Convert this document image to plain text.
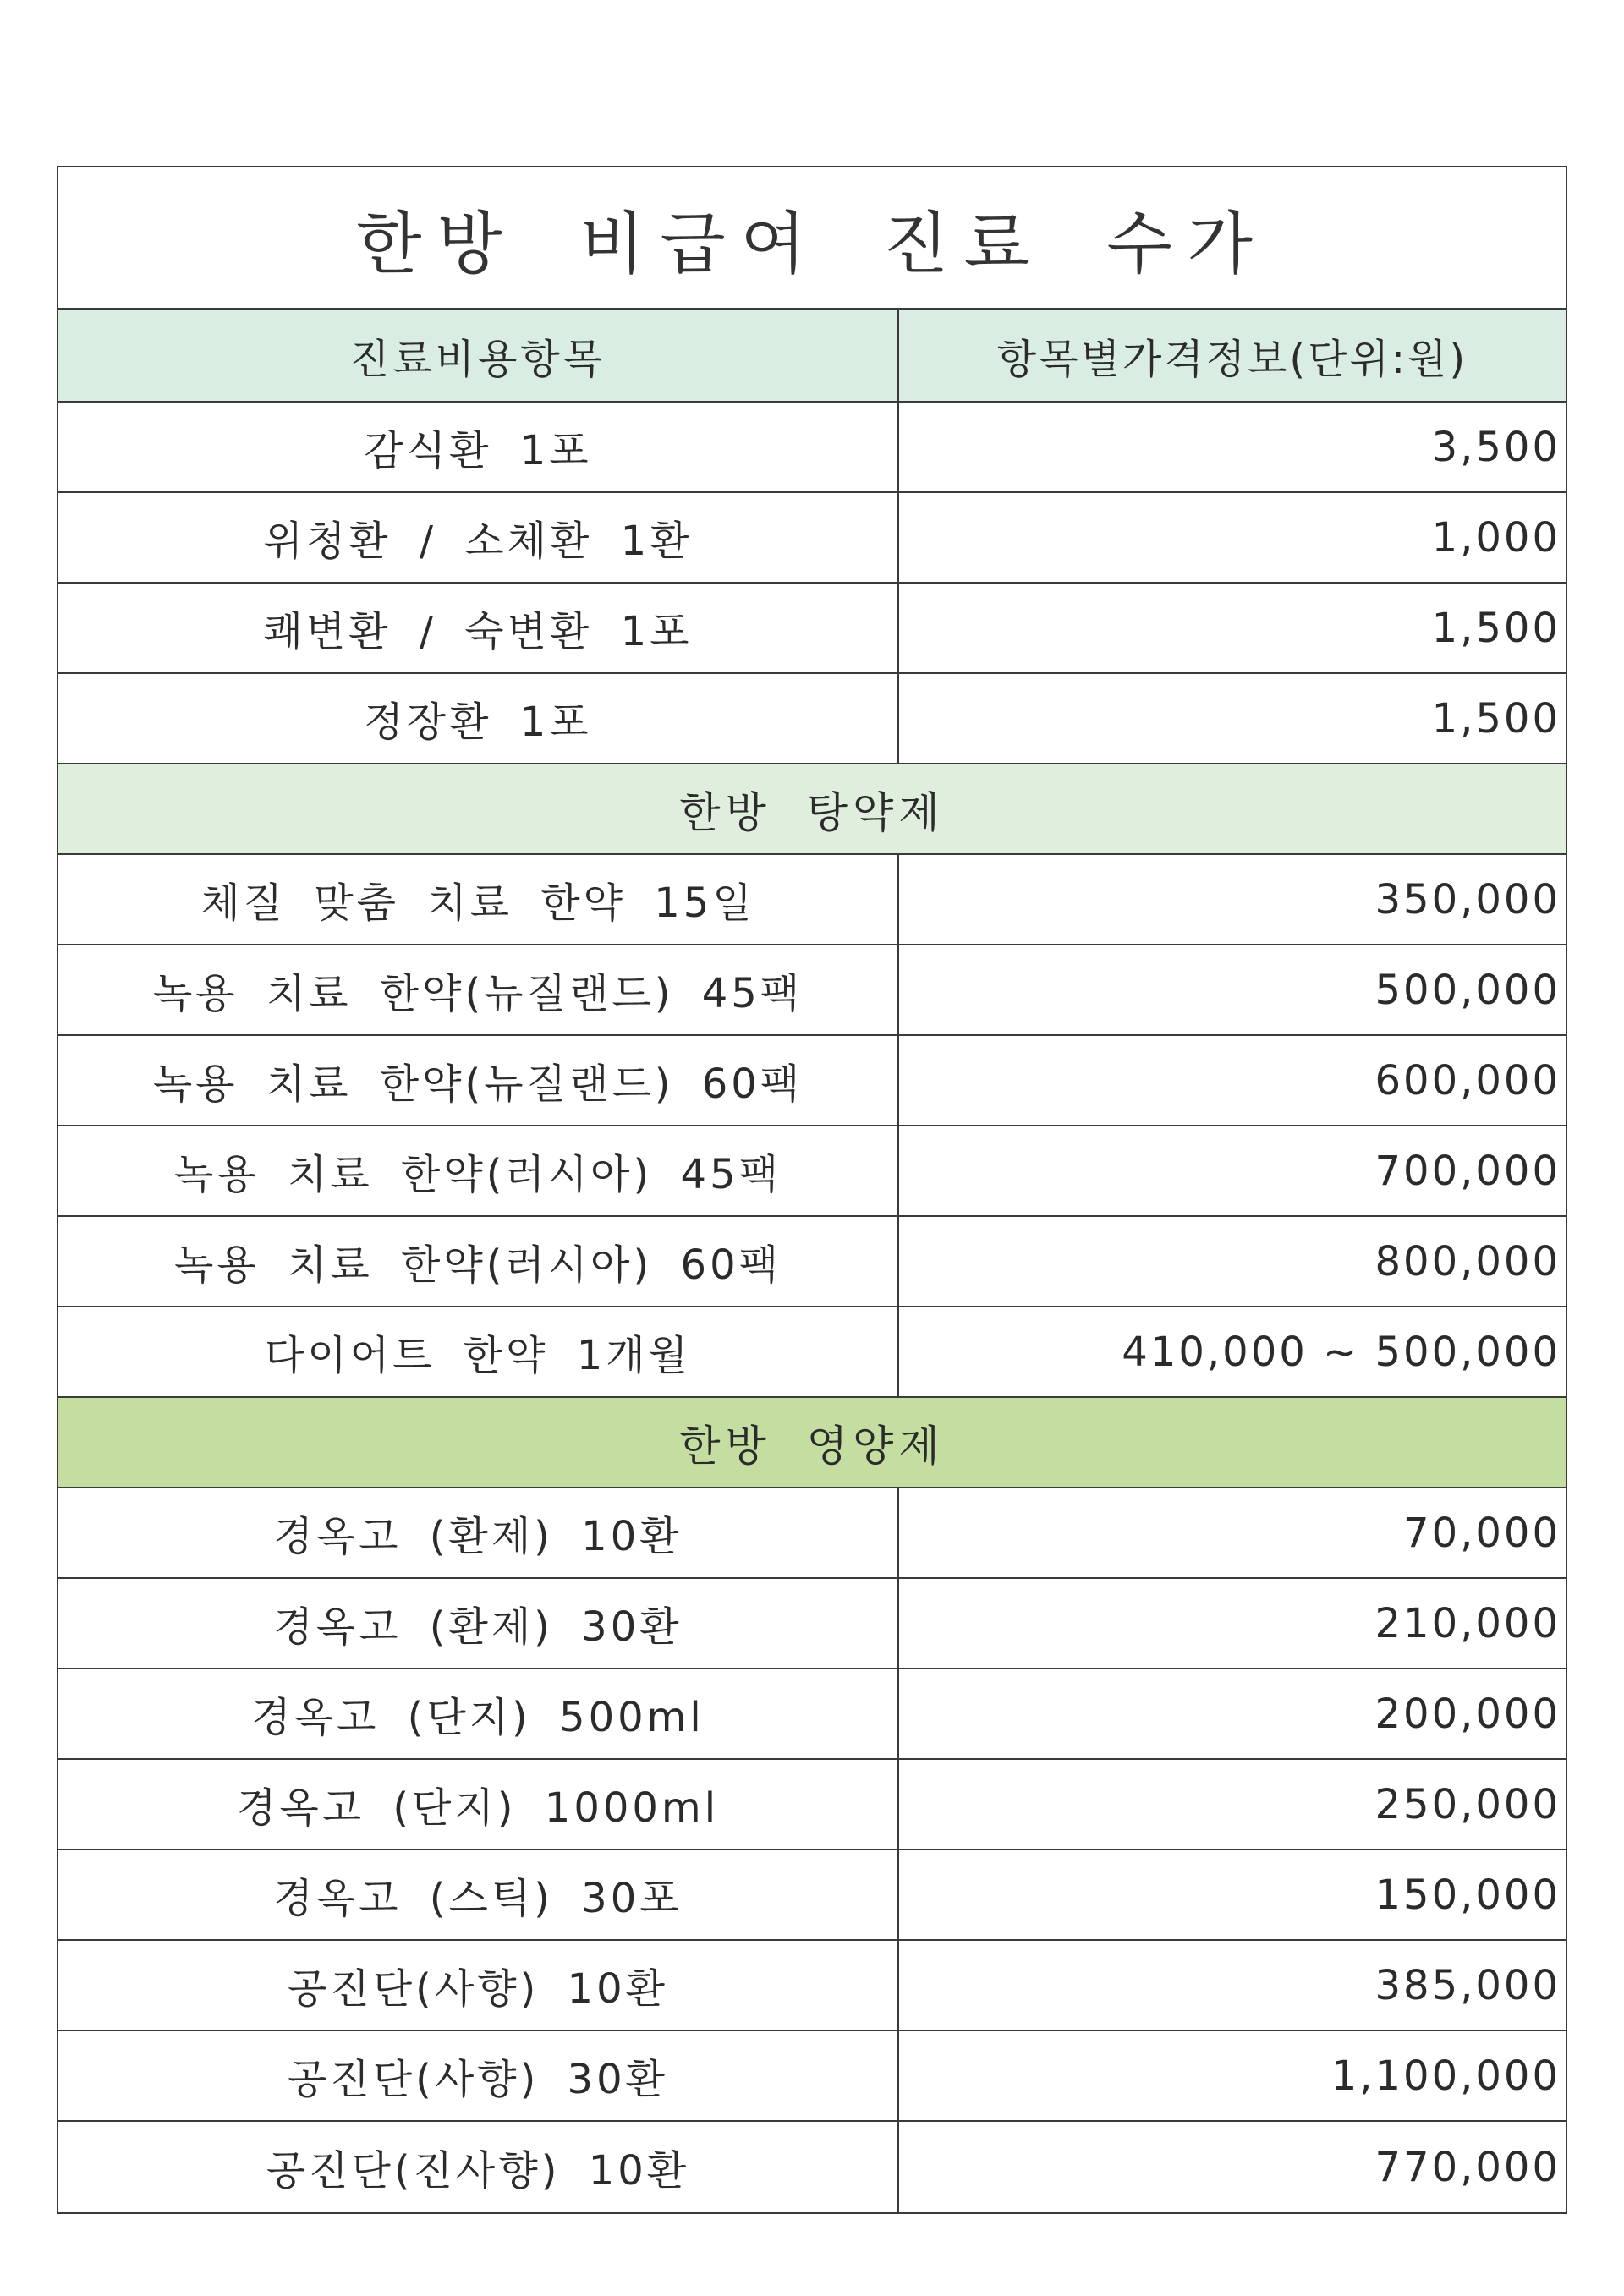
한방 비급여 진료 수가
진료비용항목	항목별가격정보(단위:원)
감식환 1포	3,500
위청환 / 소체환 1환	1,000
쾌변환 / 숙변환 1포	1,500
정장환 1포	1,500
한방 탕약제
체질 맞춤 치료 한약 15일	350,000
녹용 치료 한약(뉴질랜드) 45팩	500,000
녹용 치료 한약(뉴질랜드) 60팩	600,000
녹용 치료 한약(러시아) 45팩	700,000
녹용 치료 한약(러시아) 60팩	800,000
다이어트 한약 1개월	410,000 ~ 500,000
한방 영양제
경옥고 (환제) 10환	70,000
경옥고 (환제) 30환	210,000
경옥고 (단지) 500ml	200,000
경옥고 (단지) 1000ml	250,000
경옥고 (스틱) 30포	150,000
공진단(사향) 10환	385,000
공진단(사향) 30환	1,100,000
공진단(진사향) 10환	770,000
